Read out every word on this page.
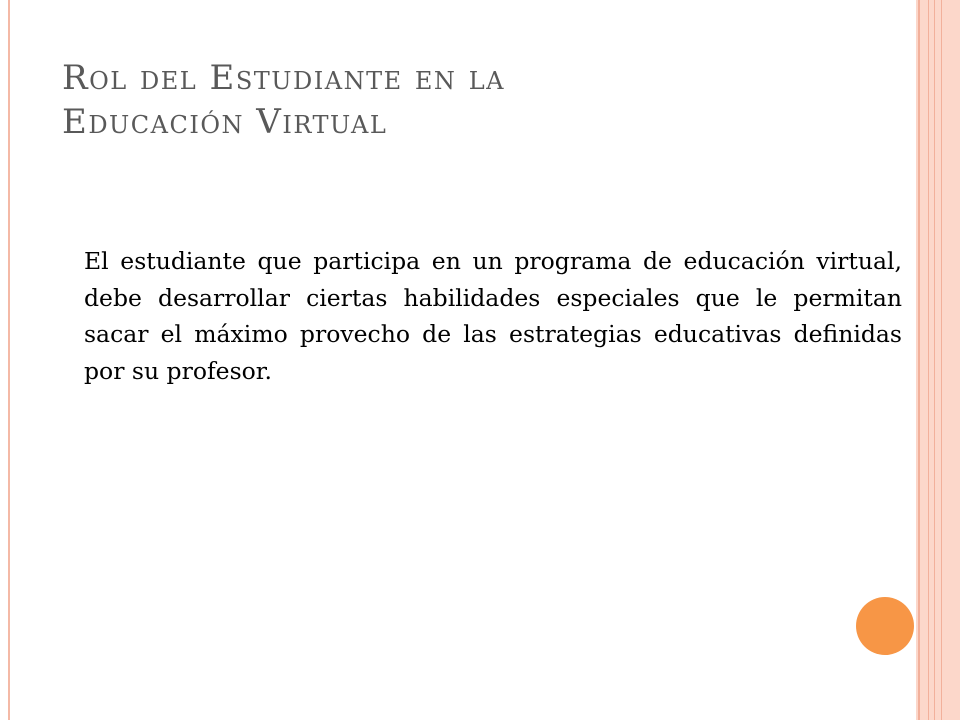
Rol del Estudiante en la
Educación Virtual

El estudiante que participa en un programa de educación virtual, debe desarrollar ciertas habilidades especiales que le permitan sacar el máximo provecho de las estrategias educativas definidas por su profesor.
